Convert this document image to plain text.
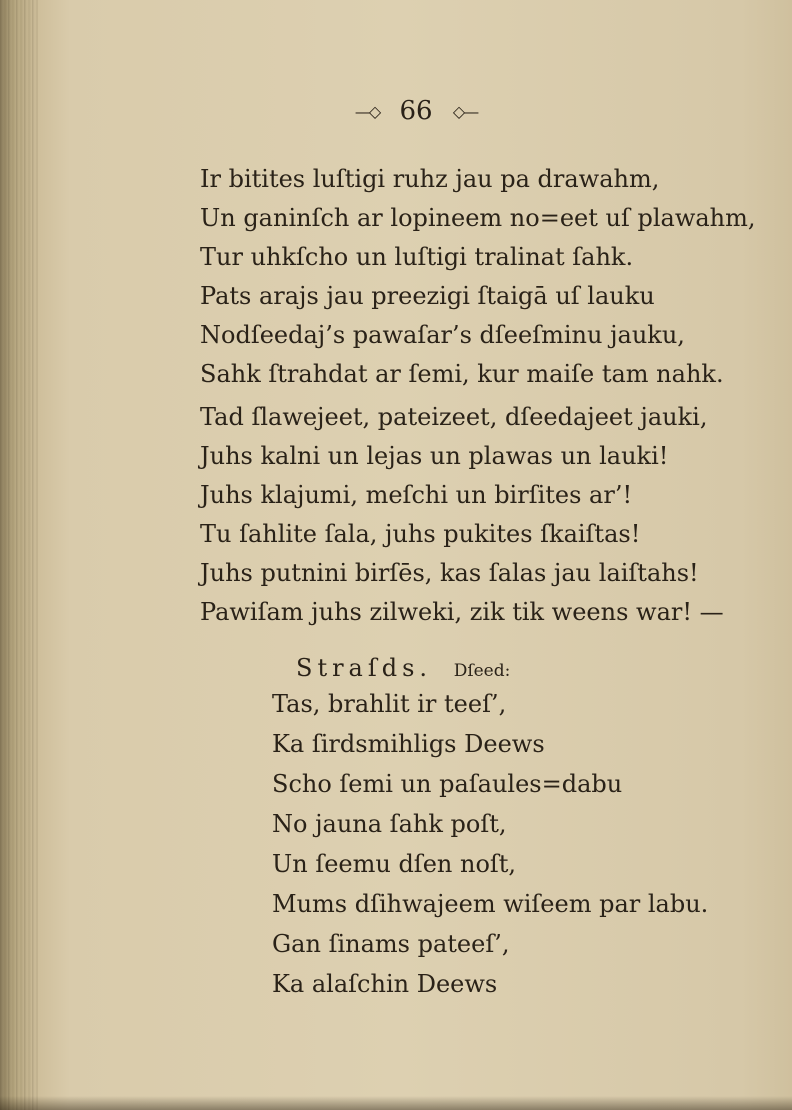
—◇ 66 ◇—
Ir bitites luſtigi ruhz jau pa drawahm,
Un ganinſch ar lopineem no=eet uſ plawahm,
Tur uhkſcho un luſtigi tralinat ſahk.
Pats arajs jau preezigi ſtaigā uſ lauku
Nodſeedaj’s pawaſar’s dſeeſminu jauku,
Sahk ſtrahdat ar ſemi, kur maiſe tam nahk.
Tad ſlawejeet, pateizeet, dſeedajeet jauki,
Juhs kalni un lejas un plawas un lauki!
Juhs klajumi, meſchi un birſites ar’!
Tu ſahlite ſala, juhs pukites ſkaiſtas!
Juhs putnini birſēs, kas ſalas jau laiſtahs!
Pawiſam juhs zilweki, zik tik weens war! —
Straſds. Dſeed:
Tas, brahlit ir teeſ’,
Ka ſirdsmihligs Deews
Scho ſemi un paſaules=dabu
No jauna ſahk poſt,
Un ſeemu dſen noſt,
Mums dſihwajeem wiſeem par labu.
Gan ſinams pateeſ’,
Ka alaſchin Deews
